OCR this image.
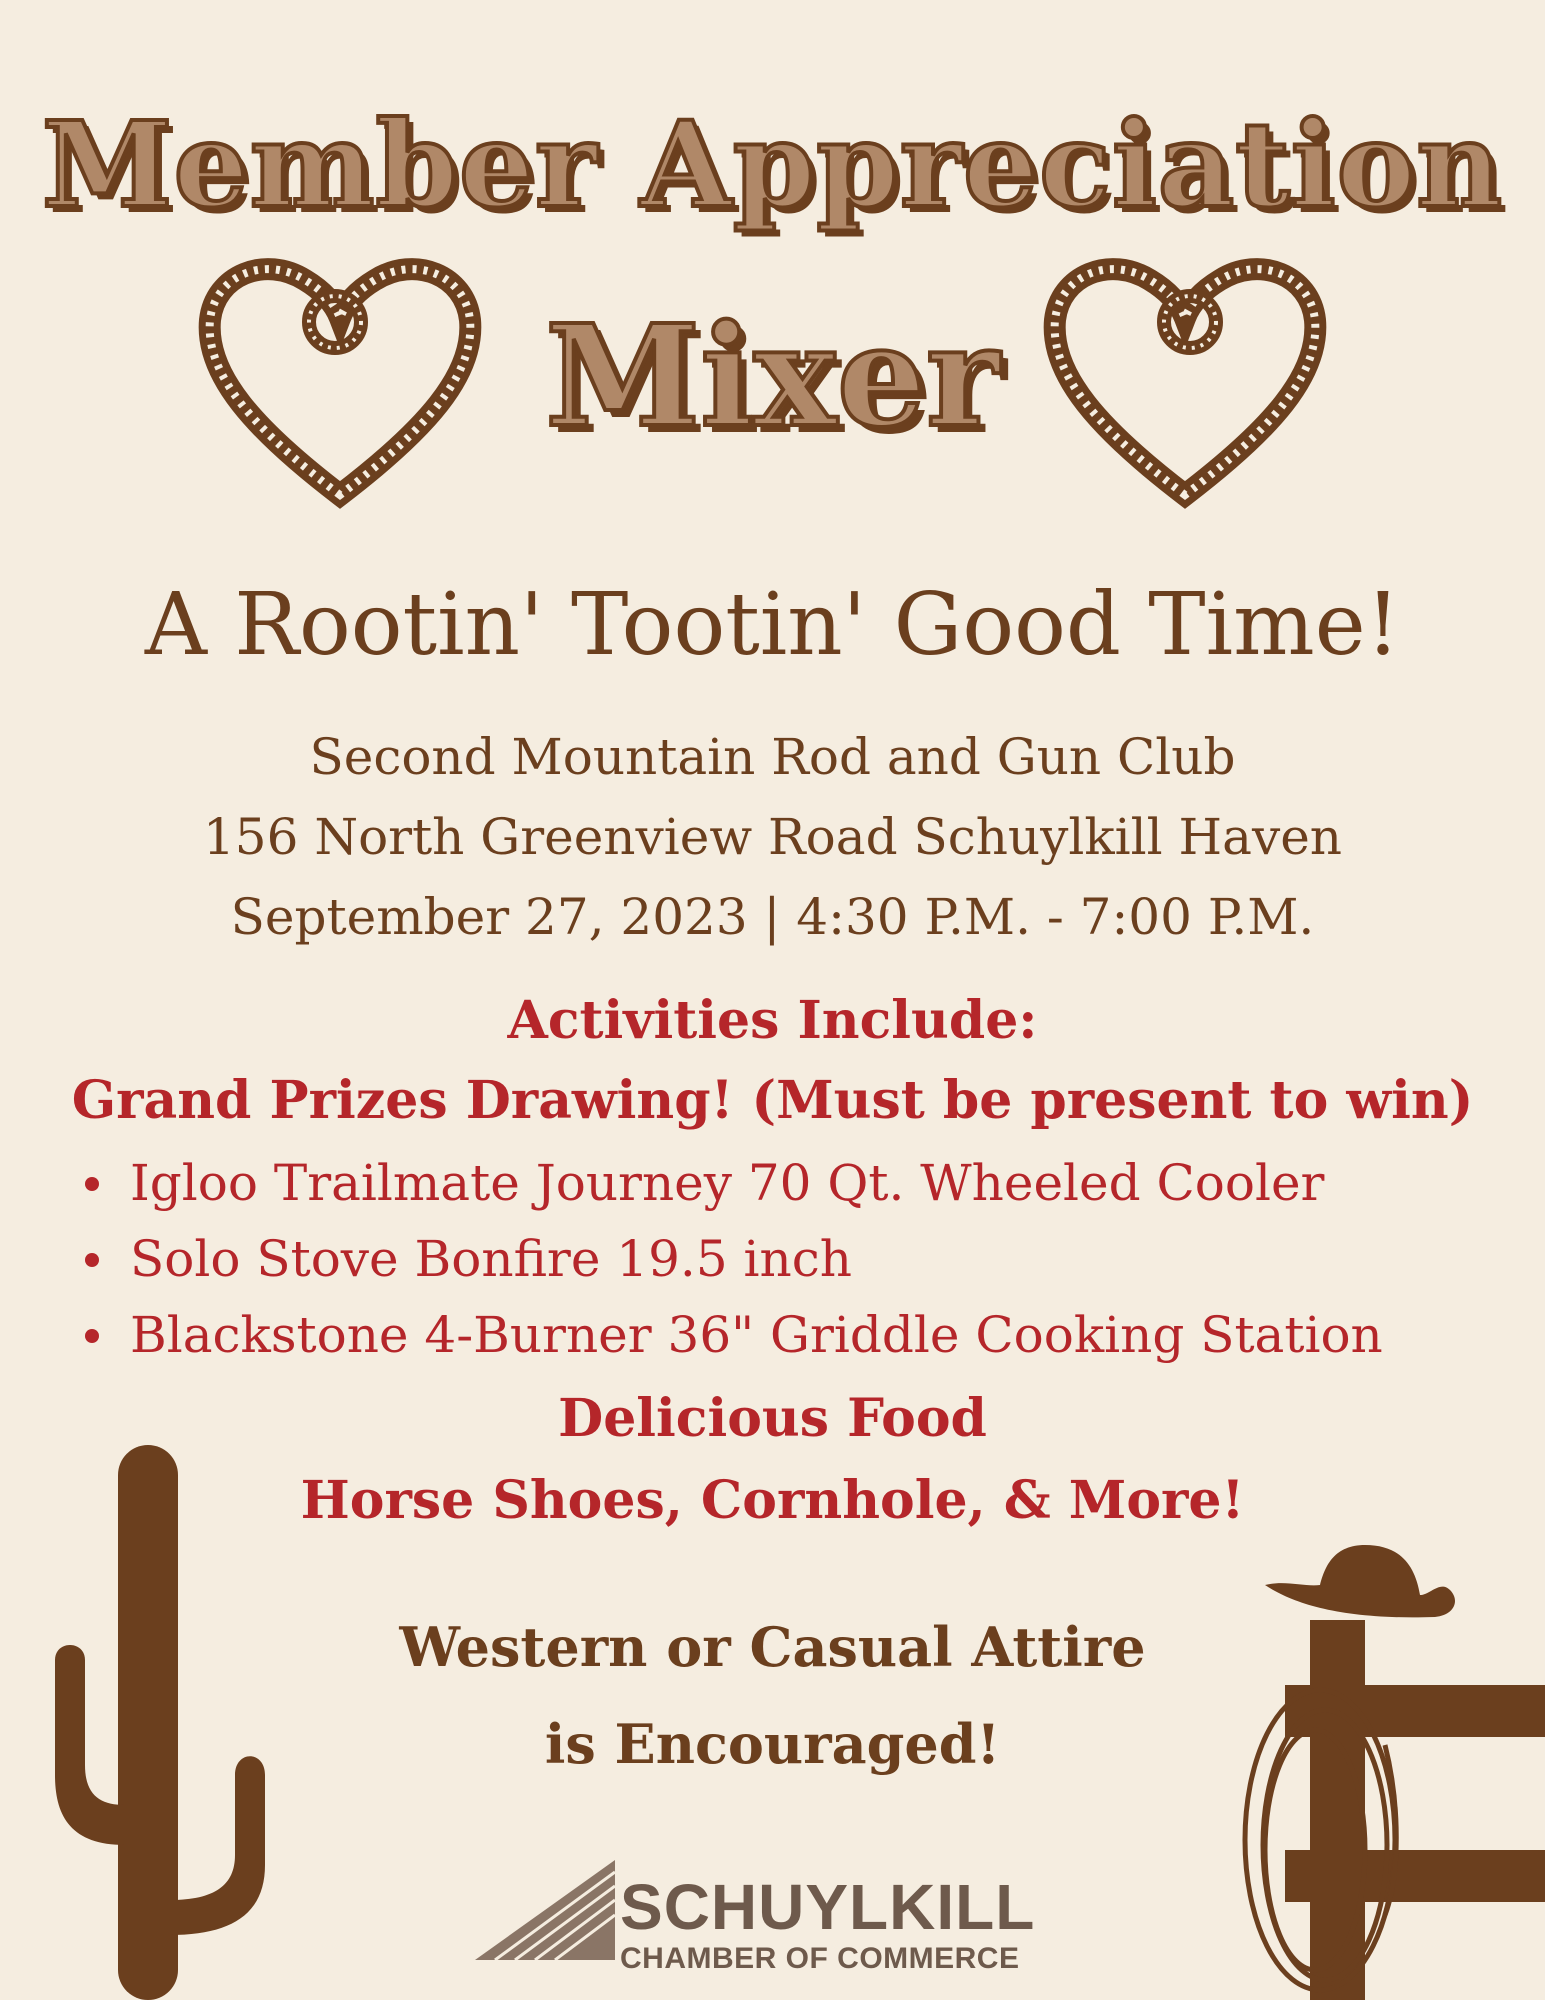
Member Appreciation
Mixer
A Rootin' Tootin' Good Time!
Second Mountain Rod and Gun Club
156 North Greenview Road Schuylkill Haven
September 27, 2023 | 4:30 P.M. - 7:00 P.M.
Activities Include:
Grand Prizes Drawing! (Must be present to win)
Igloo Trailmate Journey 70 Qt. Wheeled Cooler
Solo Stove Bonfire 19.5 inch
Blackstone 4-Burner 36" Griddle Cooking Station
Delicious Food
Horse Shoes, Cornhole, & More!
Western or Casual Attire
is Encouraged!
SCHUYLKILL
CHAMBER OF COMMERCE
